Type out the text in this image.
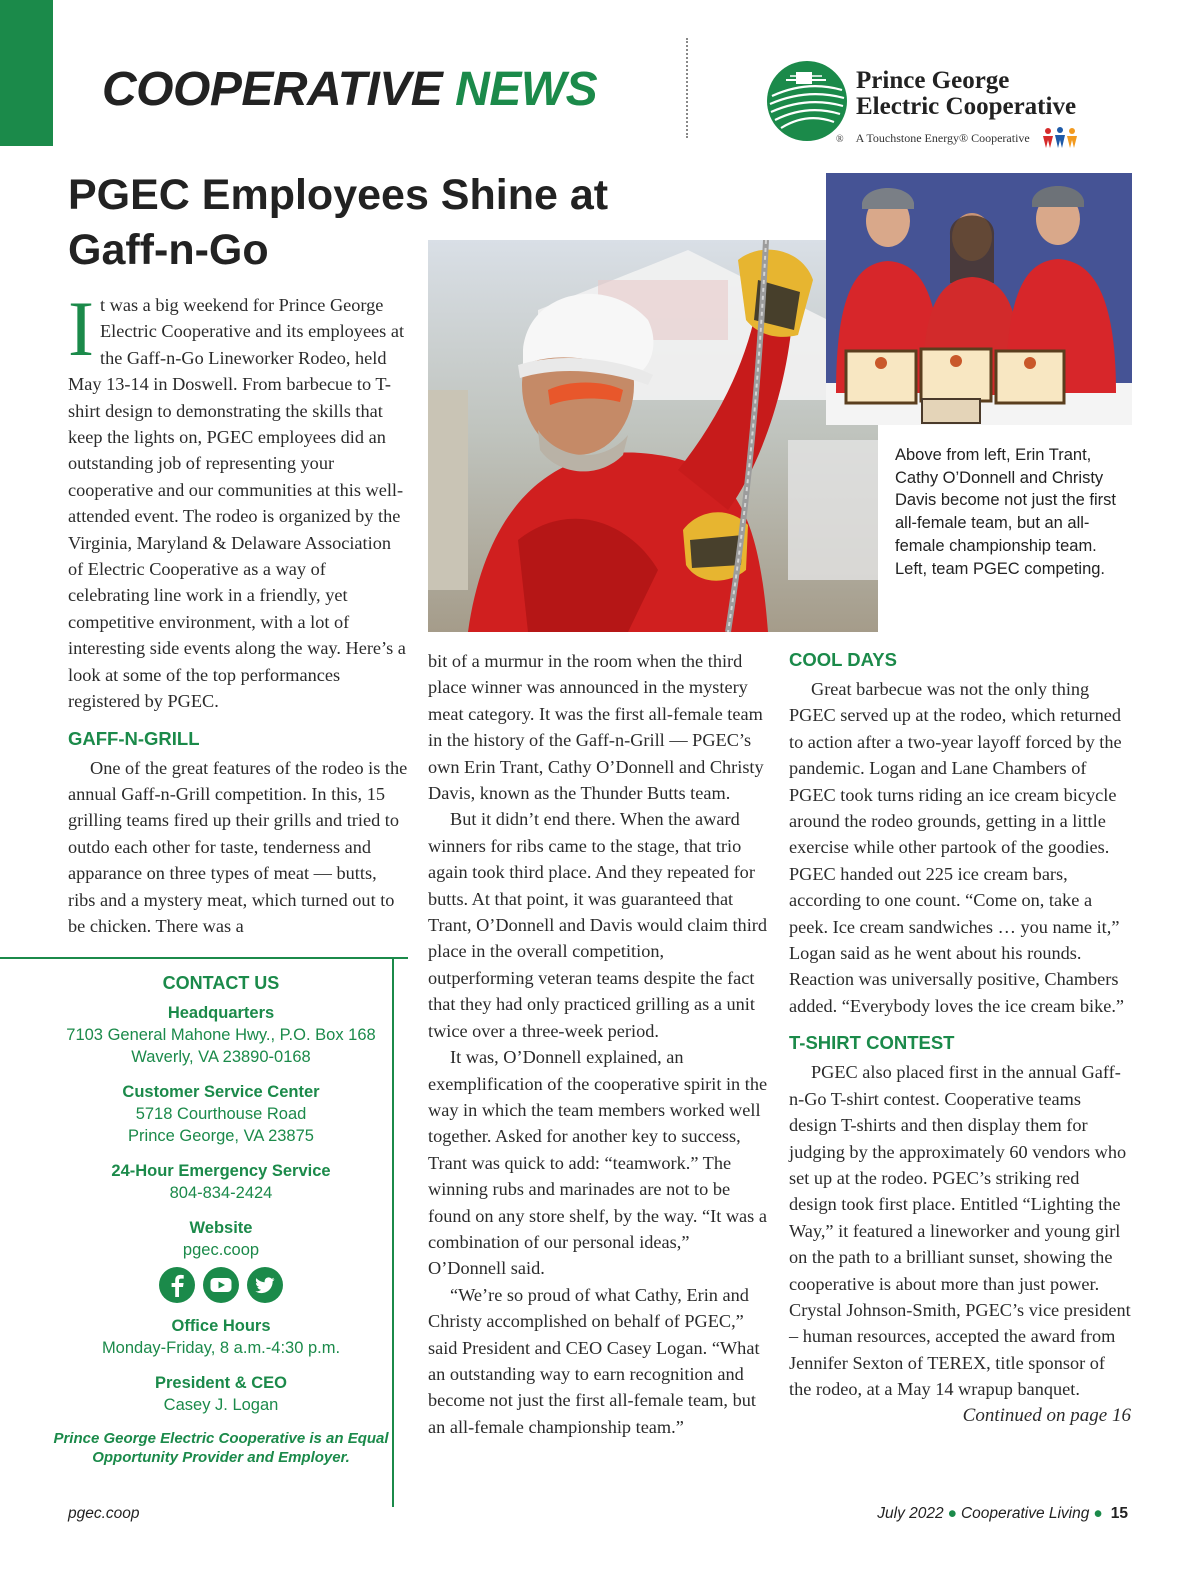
COOPERATIVE NEWS	Prince George
Electric Cooperative
® A Touchstone Energy® Cooperative
PGEC Employees Shine at Gaff-n-Go

Above from left, Erin Trant, Cathy O’Donnell and Christy Davis become not just the first all-female team, but an all-female championship team.

Left, team PGEC competing.

It was a big weekend for Prince George Electric Cooperative and its employees at the Gaff-n-Go Lineworker Rodeo, held May 13-14 in Doswell. From barbecue to T-shirt design to demonstrating the skills that keep the lights on, PGEC employees did an outstanding job of representing your cooperative and our communities at this well-attended event. The rodeo is organized by the Virginia, Maryland & Delaware Association of Electric Cooperative as a way of celebrating line work in a friendly, yet competitive environment, with a lot of interesting side events along the way. Here’s a look at some of the top performances registered by PGEC.

GAFF-N-GRILL

One of the great features of the rodeo is the annual Gaff-n-Grill competition. In this, 15 grilling teams fired up their grills and tried to outdo each other for taste, tenderness and apparance on three types of meat — butts, ribs and a mystery meat, which turned out to be chicken. There was a

bit of a murmur in the room when the third place winner was announced in the mystery meat category. It was the first all-female team in the history of the Gaff-n-Grill — PGEC’s own Erin Trant, Cathy O’Donnell and Christy Davis, known as the Thunder Butts team.

But it didn’t end there. When the award winners for ribs came to the stage, that trio again took third place. And they repeated for butts. At that point, it was guaranteed that Trant, O’Donnell and Davis would claim third place in the overall competition, outperforming veteran teams despite the fact that they had only practiced grilling as a unit twice over a three-week period.

It was, O’Donnell explained, an exemplification of the cooperative spirit in the way in which the team members worked well together. Asked for another key to success, Trant was quick to add: “teamwork.” The winning rubs and marinades are not to be found on any store shelf, by the way. “It was a combination of our personal ideas,” O’Donnell said.

“We’re so proud of what Cathy, Erin and Christy accomplished on behalf of PGEC,” said President and CEO Casey Logan. “What an outstanding way to earn recognition and become not just the first all-female team, but an all-female championship team.”

COOL DAYS

Great barbecue was not the only thing PGEC served up at the rodeo, which returned to action after a two-year layoff forced by the pandemic. Logan and Lane Chambers of PGEC took turns riding an ice cream bicycle around the rodeo grounds, getting in a little exercise while other partook of the goodies. PGEC handed out 225 ice cream bars, according to one count. “Come on, take a peek. Ice cream sandwiches … you name it,” Logan said as he went about his rounds. Reaction was universally positive, Chambers added. “Everybody loves the ice cream bike.”

T-SHIRT CONTEST

PGEC also placed first in the annual Gaff-n-Go T-shirt contest. Cooperative teams design T-shirts and then display them for judging by the approximately 60 vendors who set up at the rodeo. PGEC’s striking red design took first place. Entitled “Lighting the Way,” it featured a lineworker and young girl on the path to a brilliant sunset, showing the cooperative is about more than just power. Crystal Johnson-Smith, PGEC’s vice president – human resources, accepted the award from Jennifer Sexton of TEREX, title sponsor of the rodeo, at a May 14 wrapup banquet.

Continued on page 16

CONTACT US
Headquarters
7103 General Mahone Hwy., P.O. Box 168
Waverly, VA 23890-0168
Customer Service Center
5718 Courthouse Road
Prince George, VA 23875
24-Hour Emergency Service
804-834-2424
Website
pgec.coop
Office Hours
Monday-Friday, 8 a.m.-4:30 p.m.
President & CEO
Casey J. Logan
Prince George Electric Cooperative is an Equal Opportunity Provider and Employer.
pgec.coop	July 2022 ● Cooperative Living ● 15
